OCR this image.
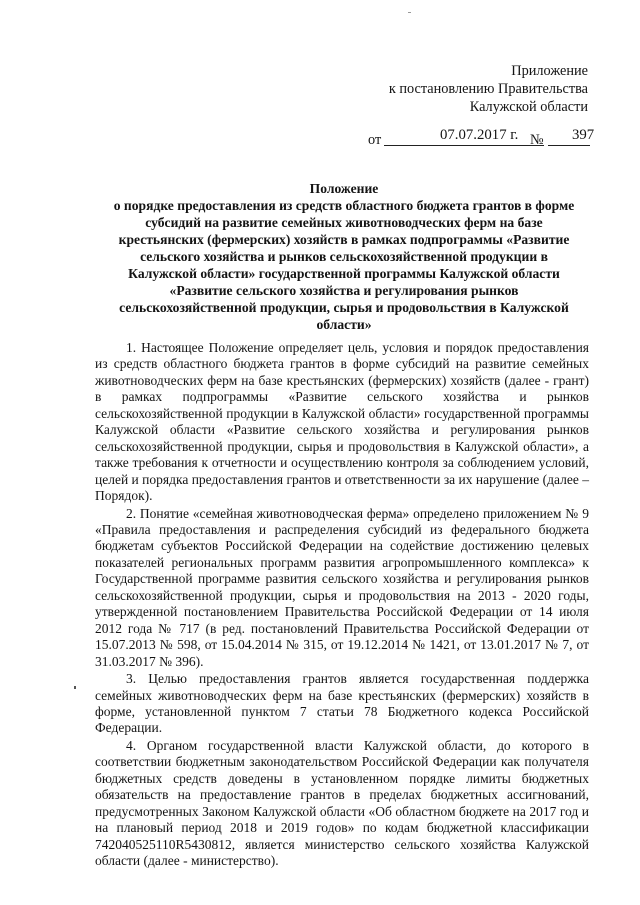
Приложение
к постановлению Правительства
Калужской области
от	07.07.2017 г. № 397
Положение
о порядке предоставления из средств областного бюджета грантов в форме
субсидий на развитие семейных животноводческих ферм на базе
крестьянских (фермерских) хозяйств в рамках подпрограммы «Развитие
сельского хозяйства и рынков сельскохозяйственной продукции в
Калужской области» государственной программы Калужской области
«Развитие сельского хозяйства и регулирования рынков
сельскохозяйственной продукции, сырья и продовольствия в Калужской
области»

1. Настоящее Положение определяет цель, условия и порядок предоставления из средств областного бюджета грантов в форме субсидий на развитие семейных животноводческих ферм на базе крестьянских (фермерских) хозяйств (далее - грант) в рамках подпрограммы «Развитие сельского хозяйства и рынков сельскохозяйственной продукции в Калужской области» государственной программы Калужской области «Развитие сельского хозяйства и регулирования рынков сельскохозяйственной продукции, сырья и продовольствия в Калужской области», а также требования к отчетности и осуществлению контроля за соблюдением условий, целей и порядка предоставления грантов и ответственности за их нарушение (далее – Порядок).

2. Понятие «семейная животноводческая ферма» определено приложением № 9 «Правила предоставления и распределения субсидий из федерального бюджета бюджетам субъектов Российской Федерации на содействие достижению целевых показателей региональных программ развития агропромышленного комплекса» к Государственной программе развития сельского хозяйства и регулирования рынков сельскохозяйственной продукции, сырья и продовольствия на 2013 - 2020 годы, утвержденной постановлением Правительства Российской Федерации от 14 июля 2012 года № 717 (в ред. постановлений Правительства Российской Федерации от 15.07.2013 № 598, от 15.04.2014 № 315, от 19.12.2014 № 1421, от 13.01.2017 № 7, от 31.03.2017 № 396).

3. Целью предоставления грантов является государственная поддержка семейных животноводческих ферм на базе крестьянских (фермерских) хозяйств в форме, установленной пунктом 7 статьи 78 Бюджетного кодекса Российской Федерации.

4. Органом государственной власти Калужской области, до которого в соответствии бюджетным законодательством Российской Федерации как получателя бюджетных средств доведены в установленном порядке лимиты бюджетных обязательств на предоставление грантов в пределах бюджетных ассигнований, предусмотренных Законом Калужской области «Об областном бюджете на 2017 год и на плановый период 2018 и 2019 годов» по кодам бюджетной классификации 742040525110R5430812, является министерство сельского хозяйства Калужской области (далее - министерство).
